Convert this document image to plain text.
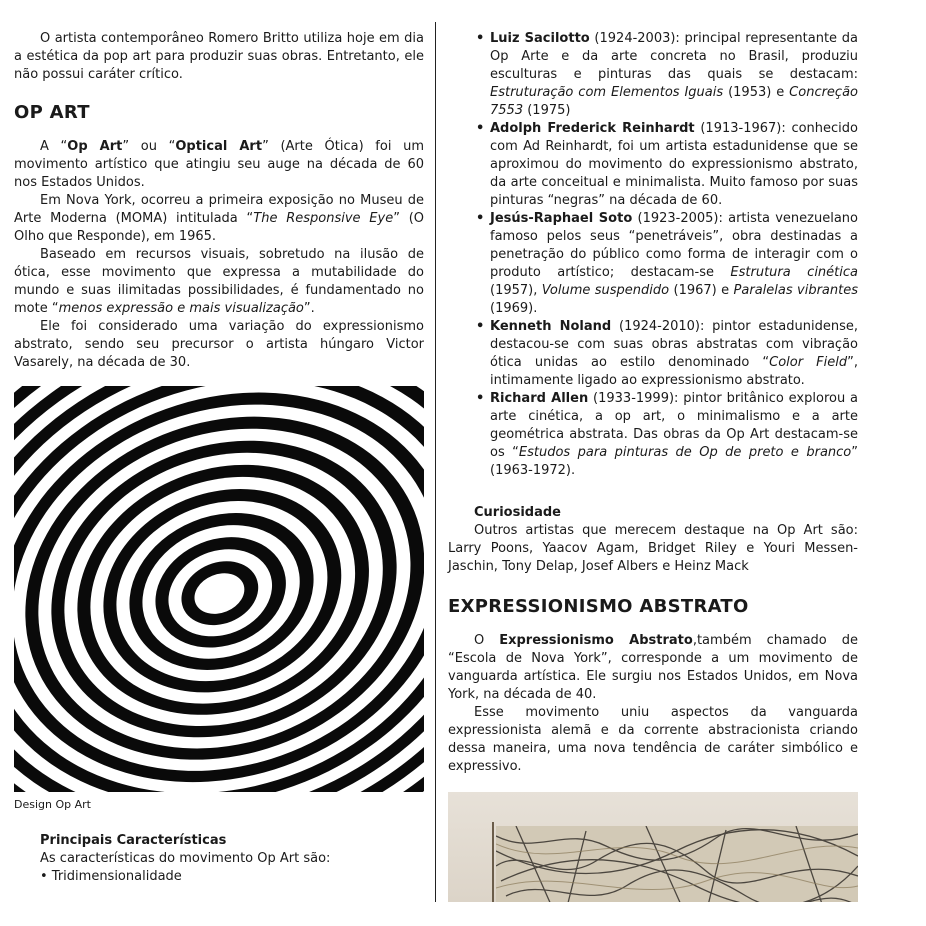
O artista contemporâneo Romero Britto utiliza hoje em dia a estética da pop art para produzir suas obras. Entretanto, ele não possui caráter crítico.

OP ART

A “Op Art” ou “Optical Art” (Arte Ótica) foi um movimento artístico que atingiu seu auge na década de 60 nos Estados Unidos.

Em Nova York, ocorreu a primeira exposição no Museu de Arte Moderna (MOMA) intitulada “The Responsive Eye” (O Olho que Responde), em 1965.

Baseado em recursos visuais, sobretudo na ilusão de ótica, esse movimento que expressa a mutabilidade do mundo e suas ilimitadas possibilidades, é fundamentado no mote “menos expressão e mais visualização”.

Ele foi considerado uma variação do expressionismo abstrato, sendo seu precursor o artista húngaro Victor Vasarely, na década de 30.

Design Op Art
Principais Características
As características do movimento Op Art são:
• Tridimensionalidade
• Luiz Sacilotto (1924-2003): principal representante da Op Arte e da arte concreta no Brasil, produziu esculturas e pinturas das quais se destacam: Estruturação com Elementos Iguais (1953) e Concreção 7553 (1975)
• Adolph Frederick Reinhardt (1913-1967): conhecido com Ad Reinhardt, foi um artista estadunidense que se aproximou do movimento do expressionismo abstrato, da arte conceitual e minimalista. Muito famoso por suas pinturas “negras” na década de 60.
• Jesús-Raphael Soto (1923-2005): artista venezuelano famoso pelos seus “penetráveis”, obra destinadas a penetração do público como forma de interagir com o produto artístico; destacam-se Estrutura cinética (1957), Volume suspendido (1967) e Paralelas vibrantes (1969).
• Kenneth Noland (1924-2010): pintor estadunidense, destacou-se com suas obras abstratas com vibração ótica unidas ao estilo denominado “Color Field”, intimamente ligado ao expressionismo abstrato.
• Richard Allen (1933-1999): pintor britânico explorou a arte cinética, a op art, o minimalismo e a arte geométrica abstrata. Das obras da Op Art destacam-se os “Estudos para pinturas de Op de preto e branco” (1963-1972).
Curiosidade

Outros artistas que merecem destaque na Op Art são: Larry Poons, Yaacov Agam, Bridget Riley e Youri Messen-Jaschin, Tony Delap, Josef Albers e Heinz Mack

EXPRESSIONISMO ABSTRATO

O Expressionismo Abstrato,também chamado de “Escola de Nova York”, corresponde a um movimento de vanguarda artística. Ele surgiu nos Estados Unidos, em Nova York, na década de 40.

Esse movimento uniu aspectos da vanguarda expressionista alemã e da corrente abstracionista criando dessa maneira, uma nova tendência de caráter simbólico e expressivo.
